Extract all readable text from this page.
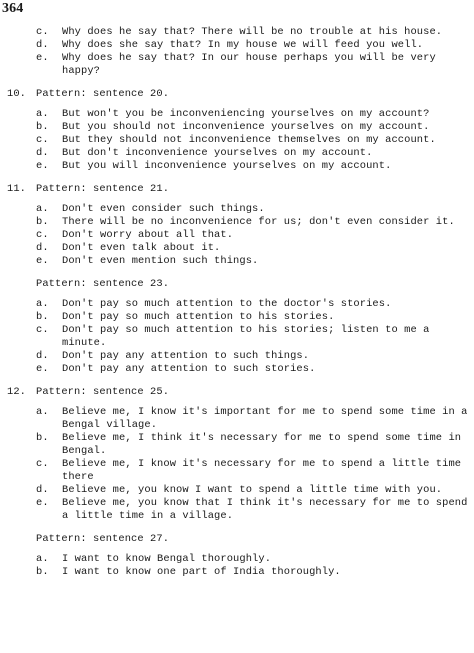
364
c. Why does he say that? There will be no trouble at his house.
d. Why does she say that? In my house we will feed you well.
e. Why does he say that? In our house perhaps you will be very happy?
10. Pattern: sentence 20.
a. But won't you be inconveniencing yourselves on my account?
b. But you should not inconvenience yourselves on my account.
c. But they should not inconvenience themselves on my account.
d. But don't inconvenience yourselves on my account.
e. But you will inconvenience yourselves on my account.
11. Pattern: sentence 21.
a. Don't even consider such things.
b. There will be no inconvenience for us; don't even consider it.
c. Don't worry about all that.
d. Don't even talk about it.
e. Don't even mention such things.
Pattern: sentence 23.
a. Don't pay so much attention to the doctor's stories.
b. Don't pay so much attention to his stories.
c. Don't pay so much attention to his stories; listen to me a minute.
d. Don't pay any attention to such things.
e. Don't pay any attention to such stories.
12. Pattern: sentence 25.
a. Believe me, I know it's important for me to spend some time in a Bengal village.
b. Believe me, I think it's necessary for me to spend some time in Bengal.
c. Believe me, I know it's necessary for me to spend a little time there
d. Believe me, you know I want to spend a little time with you.
e. Believe me, you know that I think it's necessary for me to spend a little time in a village.
Pattern: sentence 27.
a. I want to know Bengal thoroughly.
b. I want to know one part of India thoroughly.
